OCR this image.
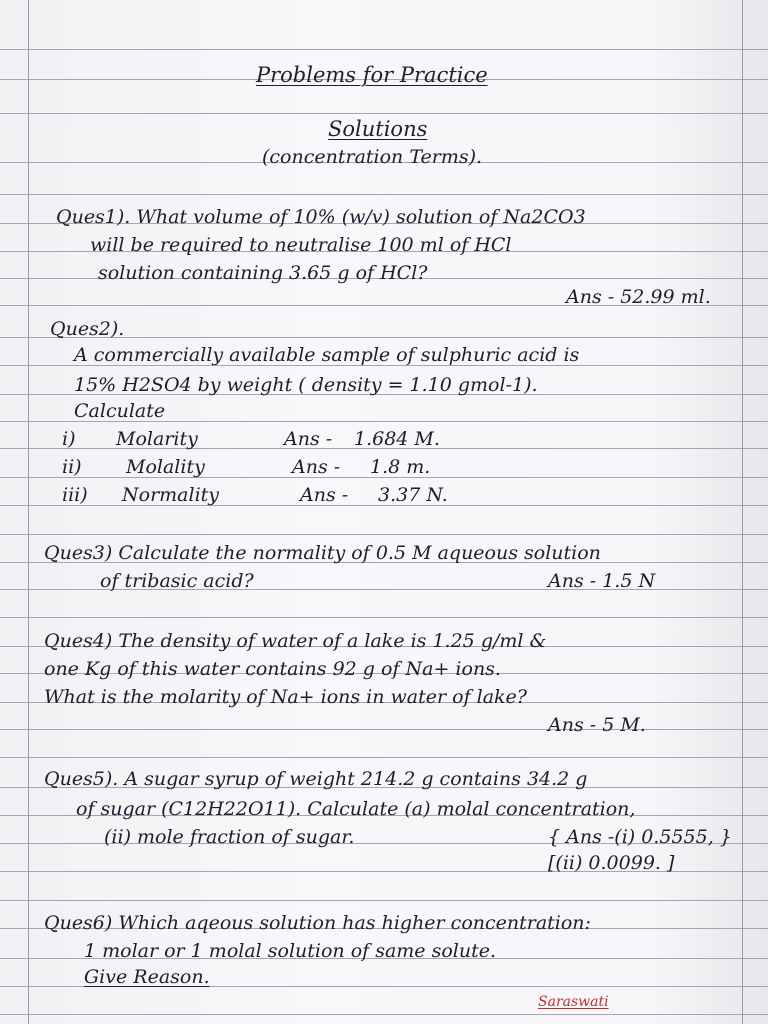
Problems for Practice
Solutions
(concentration Terms).
Ques1). What volume of 10% (w/v) solution of Na2CO3
will be required to neutralise 100 ml of HCl
solution containing 3.65 g of HCl?
Ans - 52.99 ml.
Ques2).
A commercially available sample of sulphuric acid is
15% H2SO4 by weight ( density = 1.10 gmol-1).
Calculate
i) Molarity	Ans - 1.684 M.
ii) Molality	Ans - 1.8 m.
iii) Normality	Ans - 3.37 N.
Ques3) Calculate the normality of 0.5 M aqueous solution
of tribasic acid?	Ans - 1.5 N
Ques4) The density of water of a lake is 1.25 g/ml &
one Kg of this water contains 92 g of Na+ ions.
What is the molarity of Na+ ions in water of lake?
Ans - 5 M.
Ques5). A sugar syrup of weight 214.2 g contains 34.2 g
of sugar (C12H22O11). Calculate (a) molal concentration,
(ii) mole fraction of sugar.	{ Ans -(i) 0.5555, }
[(ii) 0.0099. ]
Ques6) Which aqeous solution has higher concentration:
1 molar or 1 molal solution of same solute.
Give Reason.
Saraswati
